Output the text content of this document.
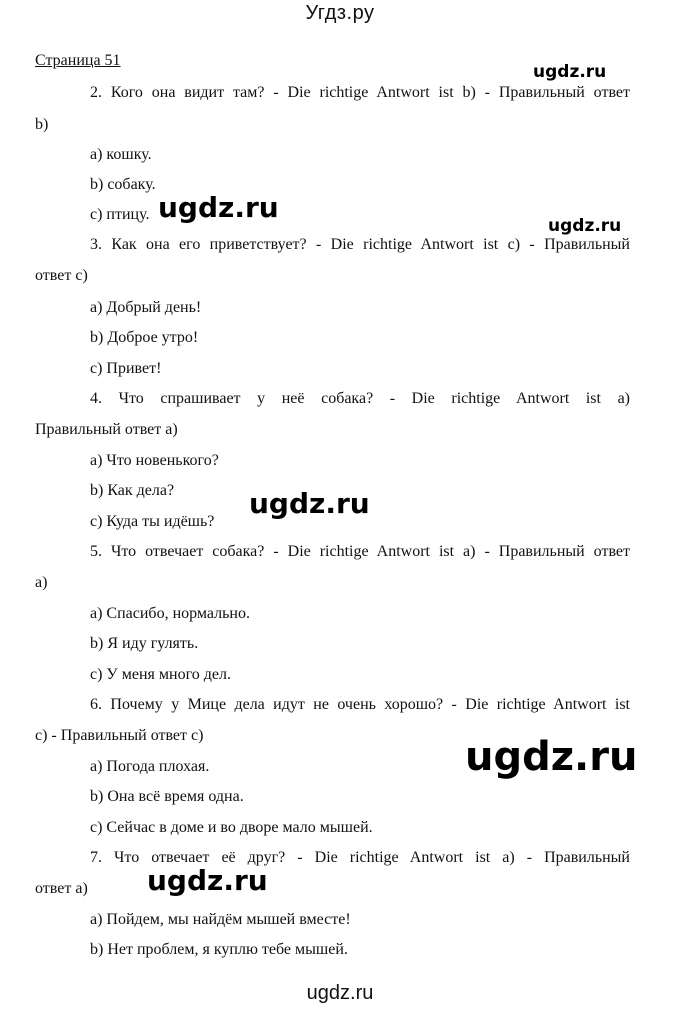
Угдз.ру
Страница 51
2. Кого она видит там? - Die richtige Antwort ist b) - Правильный ответ
b)
a) кошку.
b) собаку.
c) птицу.
3. Как она его приветствует? - Die richtige Antwort ist c) - Правильный
ответ c)
a) Добрый день!
b) Доброе утро!
c) Привет!
4. Что спрашивает у неё собака? - Die richtige Antwort ist a)
Правильный ответ a)
a) Что новенького?
b) Как дела?
c) Куда ты идёшь?
5. Что отвечает собака? - Die richtige Antwort ist a) - Правильный ответ
a)
a) Спасибо, нормально.
b) Я иду гулять.
c) У меня много дел.
6. Почему у Мице дела идут не очень хорошо? - Die richtige Antwort ist
c) - Правильный ответ c)
a) Погода плохая.
b) Она всё время одна.
c) Сейчас в доме и во дворе мало мышей.
7. Что отвечает её друг? - Die richtige Antwort ist a) - Правильный
ответ a)
a) Пойдем, мы найдём мышей вместе!
b) Нет проблем, я куплю тебе мышей.
ugdz.ru
ugdz.ru
ugdz.ru
ugdz.ru
ugdz.ru
ugdz.ru
ugdz.ru
